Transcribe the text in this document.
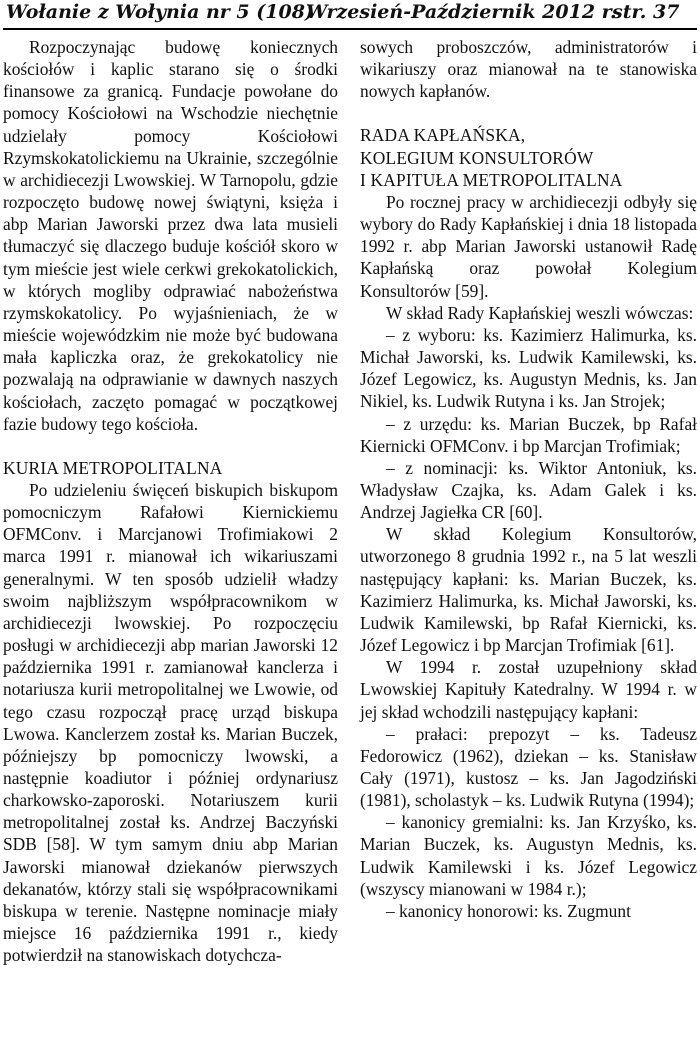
Wołanie z Wołynia nr 5 (108)
Wrzesień-Październik 2012 r.
str. 37

Rozpoczynając budowę koniecznych kościołów i kaplic starano się o środki finansowe za granicą. Fundacje powołane do pomocy Kościołowi na Wschodzie niechętnie udzielały pomocy Kościołowi Rzymskokatolickiemu na Ukrainie, szczególnie w archidiecezji Lwowskiej. W Tarnopolu, gdzie rozpoczęto budowę nowej świątyni, księża i abp Marian Jaworski przez dwa lata musieli tłumaczyć się dlaczego buduje kościół skoro w tym mieście jest wiele cerkwi grekokatolickich, w których mogliby odprawiać nabożeństwa rzymskokatolicy. Po wyjaśnieniach, że w mieście wojewódzkim nie może być budowana mała kapliczka oraz, że grekokatolicy nie pozwalają na odprawianie w dawnych naszych kościołach, zaczęto pomagać w początkowej fazie budowy tego kościoła.

KURIA METROPOLITALNA

Po udzieleniu święceń biskupich biskupom pomocniczym Rafałowi Kiernickiemu OFMConv. i Marcjanowi Trofimiakowi 2 marca 1991 r. mianował ich wikariuszami generalnymi. W ten sposób udzielił władzy swoim najbliższym współpracownikom w archidiecezji lwowskiej. Po rozpoczęciu posługi w archidiecezji abp marian Jaworski 12 października 1991 r. zamianował kanclerza i notariusza kurii metropolitalnej we Lwowie, od tego czasu rozpoczął pracę urząd biskupa Lwowa. Kanclerzem został ks. Marian Buczek, późniejszy bp pomocniczy lwowski, a następnie koadiutor i później ordynariusz charkowsko-zaporoski. Notariuszem kurii metropolitalnej został ks. Andrzej Baczyński SDB [58]. W tym samym dniu abp Marian Jaworski mianował dziekanów pierwszych dekanatów, którzy stali się współpracownikami biskupa w terenie. Następne nominacje miały miejsce 16 października 1991 r., kiedy potwierdził na stanowiskach dotychcza-

sowych proboszczów, administratorów i wikariuszy oraz mianował na te stanowiska nowych kapłanów.

RADA KAPŁAŃSKA,
KOLEGIUM KONSULTORÓW
I KAPITUŁA METROPOLITALNA

Po rocznej pracy w archidiecezji odbyły się wybory do Rady Kapłańskiej i dnia 18 listopada 1992 r. abp Marian Jaworski ustanowił Radę Kapłańską oraz powołał Kolegium Konsultorów [59].

W skład Rady Kapłańskiej weszli wówczas:

– z wyboru: ks. Kazimierz Halimurka, ks. Michał Jaworski, ks. Ludwik Kamilewski, ks. Józef Legowicz, ks. Augustyn Mednis, ks. Jan Nikiel, ks. Ludwik Rutyna i ks. Jan Strojek;

– z urzędu: ks. Marian Buczek, bp Rafał Kiernicki OFMConv. i bp Marcjan Trofimiak;

– z nominacji: ks. Wiktor Antoniuk, ks. Władysław Czajka, ks. Adam Galek i ks. Andrzej Jagiełka CR [60].

W skład Kolegium Konsultorów, utworzonego 8 grudnia 1992 r., na 5 lat weszli następujący kapłani: ks. Marian Buczek, ks. Kazimierz Halimurka, ks. Michał Jaworski, ks. Ludwik Kamilewski, bp Rafał Kiernicki, ks. Józef Legowicz i bp Marcjan Trofimiak [61].

W 1994 r. został uzupełniony skład Lwowskiej Kapituły Katedralny. W 1994 r. w jej skład wchodzili następujący kapłani:

– prałaci: prepozyt – ks. Tadeusz Fedorowicz (1962), dziekan – ks. Stanisław Cały (1971), kustosz – ks. Jan Jagodziński (1981), scholastyk – ks. Ludwik Rutyna (1994);

– kanonicy gremialni: ks. Jan Krzyśko, ks. Marian Buczek, ks. Augustyn Mednis, ks. Ludwik Kamilewski i ks. Józef Legowicz (wszyscy mianowani w 1984 r.);

– kanonicy honorowi: ks. Zugmunt
